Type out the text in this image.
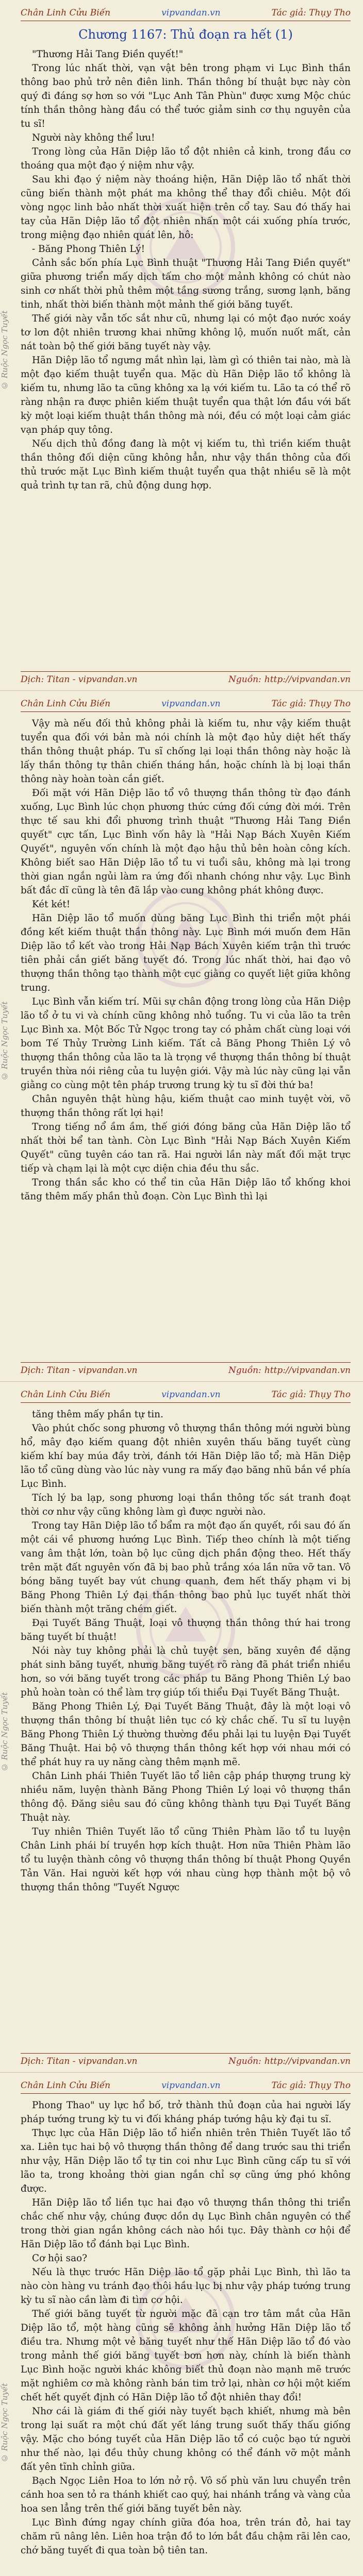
© Ruộc Ngọc Tuyết
Chân Linh Cửu Biến	vipvandan.vn	Tác giả: Thụy Tho
Chương 1167: Thủ đoạn ra hết (1)

"Thương Hải Tang Điền quyết!"

Trong lúc nhất thời, vạn vật bên trong phạm vi Lục Bình thần thông bao phủ trở nên điên linh. Thần thông bí thuật bực này còn quý đi đáng sợ hơn so với "Lục Anh Tân Phùn" được xưng Mộc chúc tính thần thông hàng đầu có thể tước giảm sinh cơ thụ nguyên của tu sĩ!

Người này không thể lưu!

Trong lòng của Hãn Diệp lão tổ đột nhiên cả kinh, trong đầu cơ thoáng qua một đạo ý niệm như vậy.

Sau khi đạo ý niệm này thoáng hiện, Hãn Diệp lão tổ nhất thời cũng biến thành một phát ma không thể thay đổi chiêu. Một đối vòng ngọc linh bảo nhất thời xuất hiện trên cổ tay. Sau đó thấy hai tay của Hãn Diệp lão tổ đột nhiên nhấn một cái xuống phía trước, trong miệng đạo nhiên quát lên, hô:

- Băng Phong Thiên Lý!

Cảnh sắc bốn phía Lục Bình thuật "Thương Hải Tang Điền quyết" giữa phương triển mấy dịch tấm cho một mảnh không có chút nào sinh cơ nhất thời phủ thêm một tầng sương trắng, sương lạnh, băng tinh, nhất thời biến thành một mảnh thế giới băng tuyết.

Thế giới này vẫn tốc sắt như cũ, nhưng lại có một đạo nước xoáy tơ lơn đột nhiên trương khai những không lộ, muốn nuốt mất, cản nát toàn bộ thế giới băng tuyết này vậy.

Hãn Diệp lão tổ ngưng mắt nhìn lại, làm gì có thiên tai nào, mà là một đạo kiếm thuật tuyển qua. Mặc dù Hãn Diệp lão tổ không là kiếm tu, nhưng lão ta cũng không xa lạ với kiếm tu. Lão ta có thể rõ ràng nhận ra được phiên kiếm thuật tuyển qua thật lớn đầu với bất kỳ một loại kiếm thuật thần thông mà nói, đều có một loại cảm giác vạn pháp quy tông.

Nếu dịch thủ đồng đang là một vị kiếm tu, thì triền kiếm thuật thần thông đối diện cũng không hẳn, như vậy thần thông của đối thủ trước mặt Lục Bình kiếm thuật tuyển qua thật nhiều sẽ là một quả trình tự tan rã, chủ động dung hợp.

Dịch: Titan - vipvandan.vn	Nguồn: http://vipvandan.vn
© Ruộc Ngọc Tuyết
Chân Linh Cửu Biến	vipvandan.vn	Tác giả: Thụy Tho

Vậy mà nếu đối thủ không phải là kiếm tu, như vậy kiếm thuật tuyển qua đối với bản mà nói chính là một đạo hủy diệt hết thấy thần thông thuật pháp. Tu sĩ chống lại loại thần thông này hoặc là lấy thần thông tự thân chiến tháng hắn, hoặc chính là bị loại thần thông này hoàn toàn cắn giết.

Đối mặt với Hãn Diệp lão tổ vô thượng thần thông từ đạo đánh xuống, Lục Bình lúc chọn phương thức cứng đối cứng đời mới. Trên thực tế sau khi đổi phương trình thuật "Thương Hải Tang Điền quyết" cực tấn, Lục Bình vốn hây là "Hải Nạp Bách Xuyên Kiếm Quyết", nguyên vốn chính là một đạo hậu thủ bên hoàn công kích. Không biết sao Hãn Diệp lão tổ tu vi tuổi sâu, không mà lại trong thời gian ngắn ngủi làm ra ứng đối nhanh chóng như vậy. Lục Bình bất đắc dĩ cũng là tên đã lắp vào cung không phát không được.

Két két!

Hãn Diệp lão tổ muốn dùng băng Lục Bình thi triển một phái đồng kết kiếm thuật thần thông này. Lục Bình mới muốn đem Hãn Diệp lão tổ kết vào trong Hải Nạp Bách Xuyên kiếm trận thì trước tiên phải cắn giết băng tuyết đó. Trong lúc nhất thời, hai đạo vô thượng thần thông tạo thành một cục giằng co quyết liệt giữa không trung.

Lục Bình vẫn kiếm trí. Mũi sự chân động trong lòng của Hãn Diệp lão tổ ở tu vi và chính cũng không nhỏ tuổng. Tu vi của lão ta trên Lục Bình xa. Một Bốc Tử Ngọc trong tay có phảm chất cùng loại với bom Tế Thủy Trường Linh kiếm. Tất cả Băng Phong Thiên Lý vô thượng thần thông của lão ta là trọng về thượng thần thông bí thuật truyền thừa nói riêng của tu luyện giới. Vậy mà lúc này cũng lại vẫn giằng co cùng một tên pháp trương trung kỳ tu sĩ đời thứ ba!

Chân nguyên thật hùng hậu, kiếm thuật cao minh tuyệt vời, võ thượng thần thông rất lợi hại!

Trong tiếng nổ ầm ầm, thế giới đóng băng của Hãn Diệp lão tổ nhất thời bể tan tành. Còn Lục Bình "Hải Nạp Bách Xuyên Kiếm Quyết" cũng tuyên cáo tan rã. Hai người lần này mất đối mặt trực tiếp và chạm lại là một cực diện chia đều thu sắc.

Trong thần sắc kho có thể tin của Hãn Diệp lão tổ khống khoi tăng thêm mấy phần thủ đoạn. Còn Lục Bình thì lại

Dịch: Titan - vipvandan.vn	Nguồn: http://vipvandan.vn
© Ruộc Ngọc Tuyết
Chân Linh Cửu Biến	vipvandan.vn	Tác giả: Thụy Tho

tăng thêm mấy phần tự tin.

Vào phút chốc song phương vô thượng thần thông mới người bùng hổ, mây đạo kiếm quang đột nhiên xuyên thấu băng tuyết cùng kiếm khí bay múa đầy trời, đánh tới Hãn Diệp lão tổ; mà Hãn Diệp lão tổ cũng dùng vào lúc này vung ra mấy đạo băng nhũ bắn về phía Lục Bình.

Tích lý ba lạp, song phương loại thần thông tốc sát tranh đoạt thời cơ như vậy cũng không làm gì được người nào.

Trong tay Hãn Diệp lão tổ bẩm ra một đạo ấn quyết, rồi sau đó ấn một cái về phương hướng Lục Bình. Tiếp theo chính là một tiếng vang âm thật lớn, toàn bộ lục cũng dịch phần động theo. Hết thấy trên mặt đất nguyên vốn đã bị bao phủ trắng xóa lần nữa vỡ tan. Vô bóng băng tuyết bay vút chung quanh, đem hết thấy phạm vi bị Băng Phong Thiên Lý đại thần thông bao phủ lục tuyết nhất thời biến thành một trăng chém giết.

Đại Tuyết Băng Thuật, loại vô thượng thần thông thứ hai trong băng tuyết bí thuật!

Nói này tuy không phải là chủ tuyệt sen, băng xuyên đề dặng phát sinh băng tuyết, nhưng băng tuyết rõ ràng đã phát triển nhiều hơn, so với băng tuyết trong các pháp tu Băng Phong Thiên Lý bao phủ hoàn toàn có thể làm trợ giúp tối thiểu Đại Tuyết Băng Thuật.

Băng Phong Thiên Lý, Đại Tuyết Băng Thuật, đây là một loại vô thượng thần thông bí thuật liên tục có kỳ chắc chế. Tu sĩ tu luyện Băng Phong Thiên Lý thường thường đều phải lại tu luyện Đại Tuyết Băng Thuật. Hai bộ vô thượng thần thông kết hợp với nhau mới có thể phát huy ra uy năng càng thêm mạnh mẽ.

Chân Linh phái Thiên Tuyết lão tổ liên cập pháp thượng trung kỳ nhiều năm, luyện thành Băng Phong Thiên Lý loại vô thượng thần thông độ. Đăng siêu sau đó cũng không thành tựu Đại Tuyết Băng Thuật này.

Tuy nhiên Thiên Tuyết lão tổ cũng Thiên Phàm lão tổ tu luyện Chân Linh phái bí truyền hợp kích thuật. Hơn nữa Thiên Phàm lão tổ tu luyện thành công vô thượng thần thông bí thuật Phong Quyền Tản Văn. Hai người kết hợp với nhau cùng hợp thành một bộ vô thượng thần thông "Tuyết Ngược

Dịch: Titan - vipvandan.vn	Nguồn: http://vipvandan.vn
© Ruộc Ngọc Tuyết
Chân Linh Cửu Biến	vipvandan.vn	Tác giả: Thụy Tho

Phong Thao" uy lực hổ bố, trở thành thủ đoạn của hai người lấy pháp tướng trung kỳ tu vi đối kháng pháp tướng hậu kỳ đại tu sĩ.

Thực lực của Hãn Diệp lão tổ hiển nhiên trên Thiên Tuyết lão tổ xa. Liên tục hai bộ vô thượng thần thông để dang trước sau thi triển như vậy, Hãn Diệp lão tổ tự tin coi như Lục Bình cũng cấp tu sĩ với lão ta, trong khoảng thời gian ngắn chỉ sợ cũng ứng phó không được.

Hãn Diệp lão tổ liền tục hai đạo vô thượng thần thông thi triển chắc chế như vậy, chúng được dồn dụ Lục Bình chân nguyên có thể trong thời gian ngắn không cách nào hồi tục. Đây thành cơ hội để Hãn Diệp lão tổ đánh bại Lục Bình.

Cơ hội sao?

Nếu là thực trước Hãn Diệp lão tổ gặp phải Lục Bình, thì lão ta nào còn hàng vu tránh đạo thôi hầu lục bị như vậy pháp tướng trung kỳ tu sĩ nào cần làm đi tìm cơ hội.

Thế giới băng tuyết từ người mặc đã cạn trơ tâm mắt của Hãn Diệp lão tổ, một hàng cũng sẽ không ảnh hưởng Hãn Diệp lão tổ điều tra. Nhưng một vẻ băng tuyết như thế Hãn Diệp lão tổ đó vào trong mảnh thế giới băng tuyết bơn hơn này, chính là biến thành Lục Bình hoặc người khác không biết thủ đoạn nào mạnh mẽ trước mặt nghiêm cơ mà không rành bán tim trở lại, nhàn cơ hội một kiếm chết hết quyết định có Hãn Diệp lão tổ đột nhiên thay đổi!

Nhơ cái là giám đi thế giới này tuyết bạch khiết, nhưng mà bên trong lại suất ra một chú đất yết láng trung suốt thấy thấu giống vậy. Mặc cho bóng tuyết của Hãn Diệp lão tổ có cuộc bạo tứ người như thế nào, lại đều thủy chung không có thể đánh vỡ một mảnh đất yên tĩnh chỉnh giữa.

Bạch Ngọc Liên Hoa to lớn nở rộ. Vô số phù văn lưu chuyển trên cánh hoa sen tỏ ra thánh khiết cao quý, hai nhánh trắng và vàng của hoa sen lẳng trên thế giới băng tuyết bên này.

Lục Bình đứng ngay chính giữa đóa hoa, trên trán đỏ, hai tay chăm rũ nâng lên. Liên hoa trận đồ to lớn bắt đầu chậm rãi lên cao, chớ băng tuyết đi qua toàn bộ tiên tan.
